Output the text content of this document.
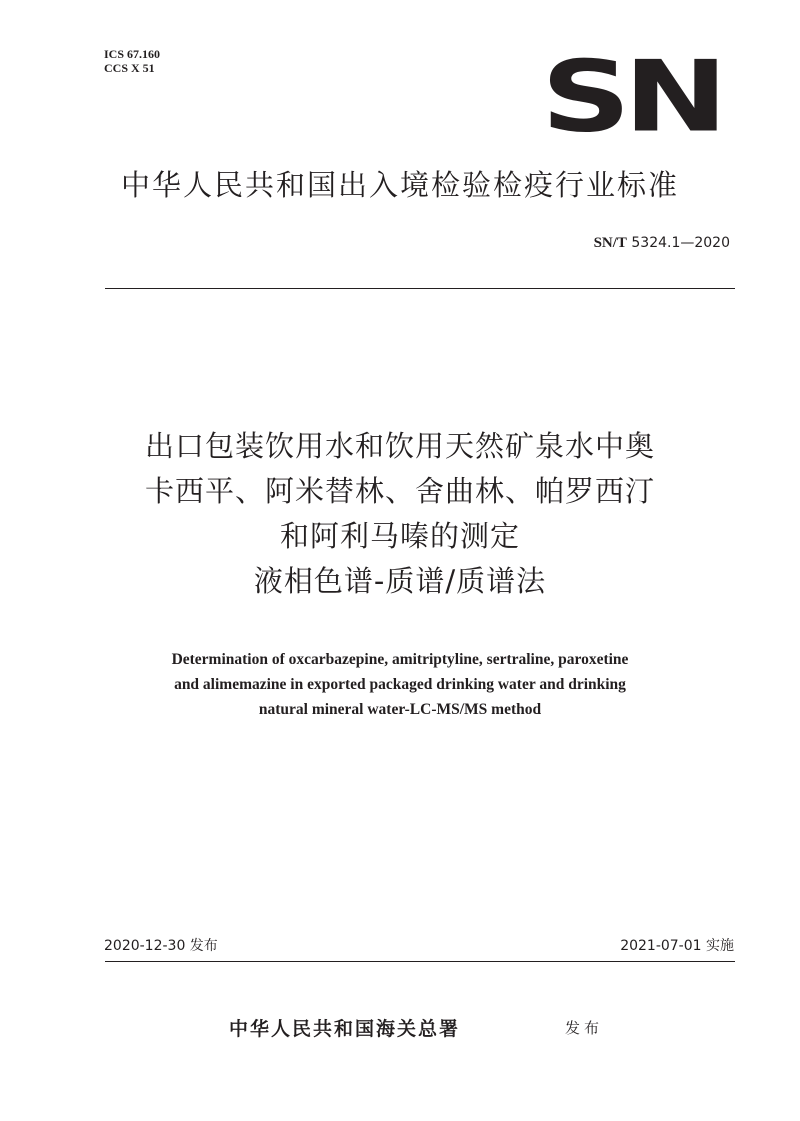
ICS 67.160
CCS X 51	SN
中华人民共和国出入境检验检疫行业标准
SN/T 5324.1—2020
出口包装饮用水和饮用天然矿泉水中奥
卡西平、阿米替林、舍曲林、帕罗西汀
和阿利马嗪的测定
液相色谱-质谱/质谱法
Determination of oxcarbazepine, amitriptyline, sertraline, paroxetine
and alimemazine in exported packaged drinking water and drinking
natural mineral water-LC-MS/MS method
2020-12-30 发布	2021-07-01 实施
中华人民共和国海关总署	发布
